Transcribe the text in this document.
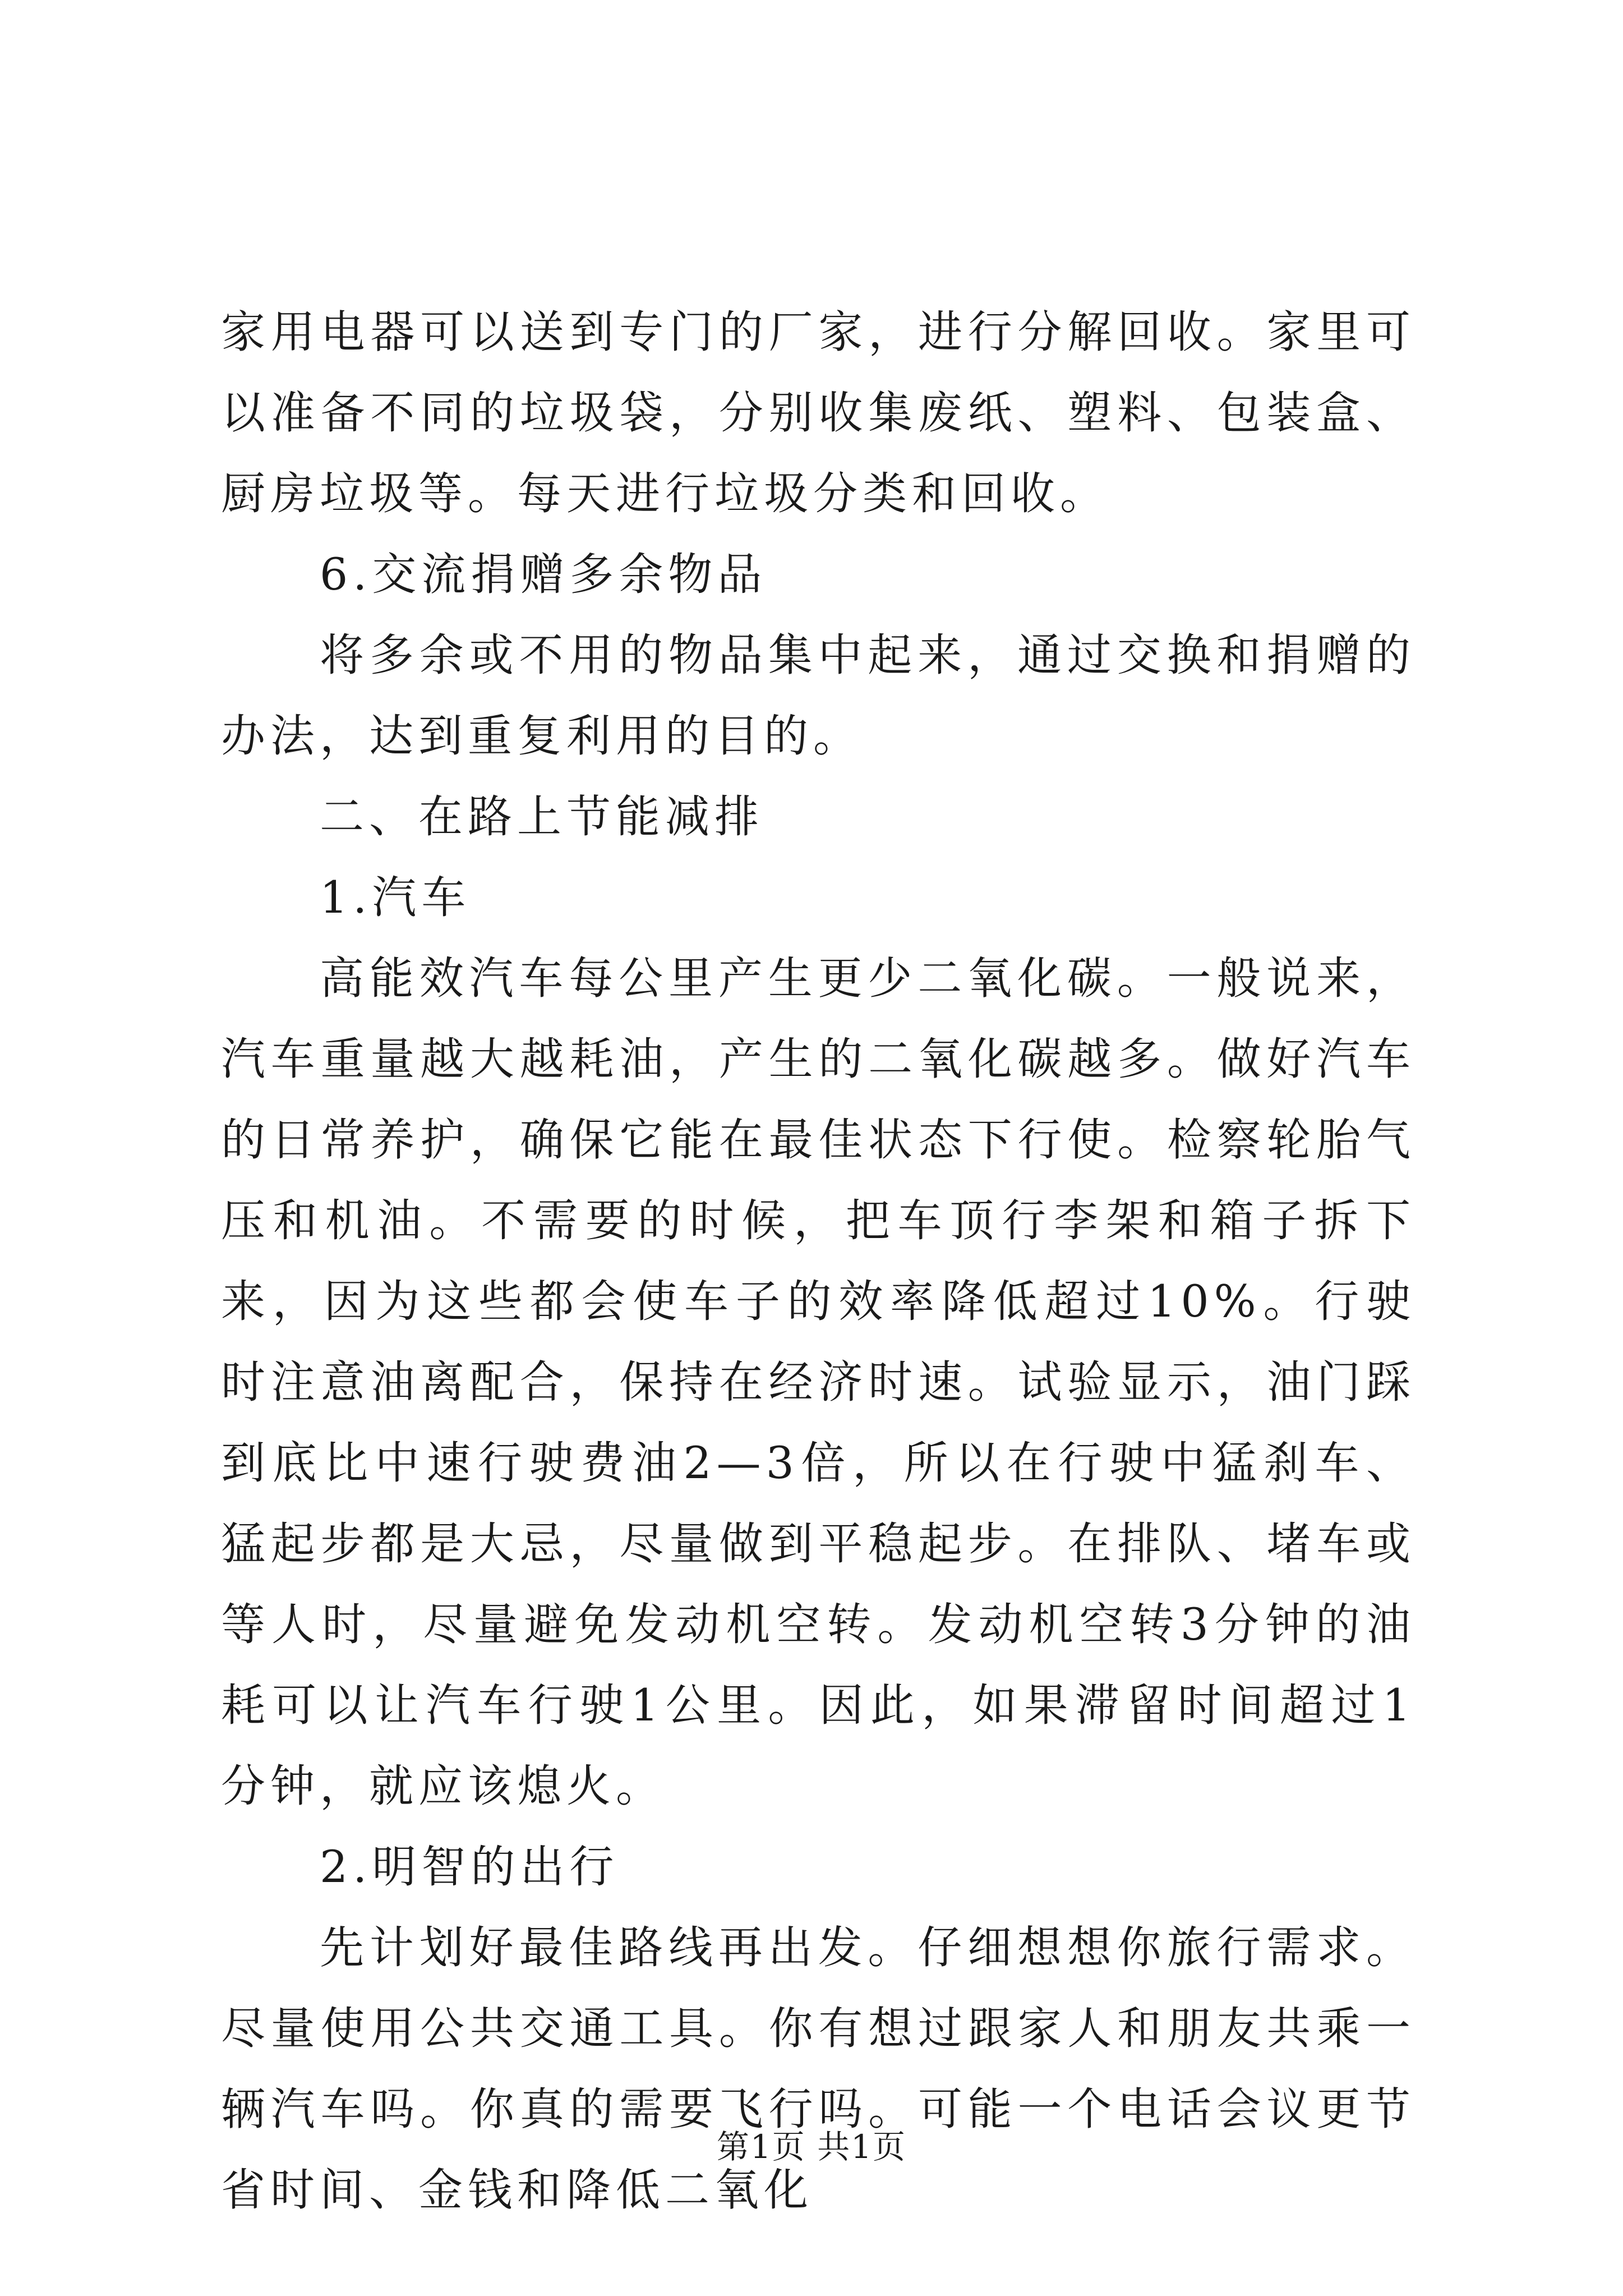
家用电器可以送到专门的厂家，进行分解回收。家里可以准备不同的垃圾袋，分别收集废纸、塑料、包装盒、厨房垃圾等。每天进行垃圾分类和回收。

6.交流捐赠多余物品

将多余或不用的物品集中起来，通过交换和捐赠的办法，达到重复利用的目的。

二、在路上节能减排

1.汽车

高能效汽车每公里产生更少二氧化碳。一般说来，汽车重量越大越耗油，产生的二氧化碳越多。做好汽车的日常养护，确保它能在最佳状态下行使。检察轮胎气压和机油。不需要的时候，把车顶行李架和箱子拆下来，因为这些都会使车子的效率降低超过10%。行驶时注意油离配合，保持在经济时速。试验显示，油门踩到底比中速行驶费油2—3倍，所以在行驶中猛刹车、猛起步都是大忌，尽量做到平稳起步。在排队、堵车或等人时，尽量避免发动机空转。发动机空转3分钟的油耗可以让汽车行驶1公里。因此，如果滞留时间超过1分钟，就应该熄火。

2.明智的出行

先计划好最佳路线再出发。仔细想想你旅行需求。尽量使用公共交通工具。你有想过跟家人和朋友共乘一辆汽车吗。你真的需要飞行吗。可能一个电话会议更节省时间、金钱和降低二氧化

第1页 共1页
